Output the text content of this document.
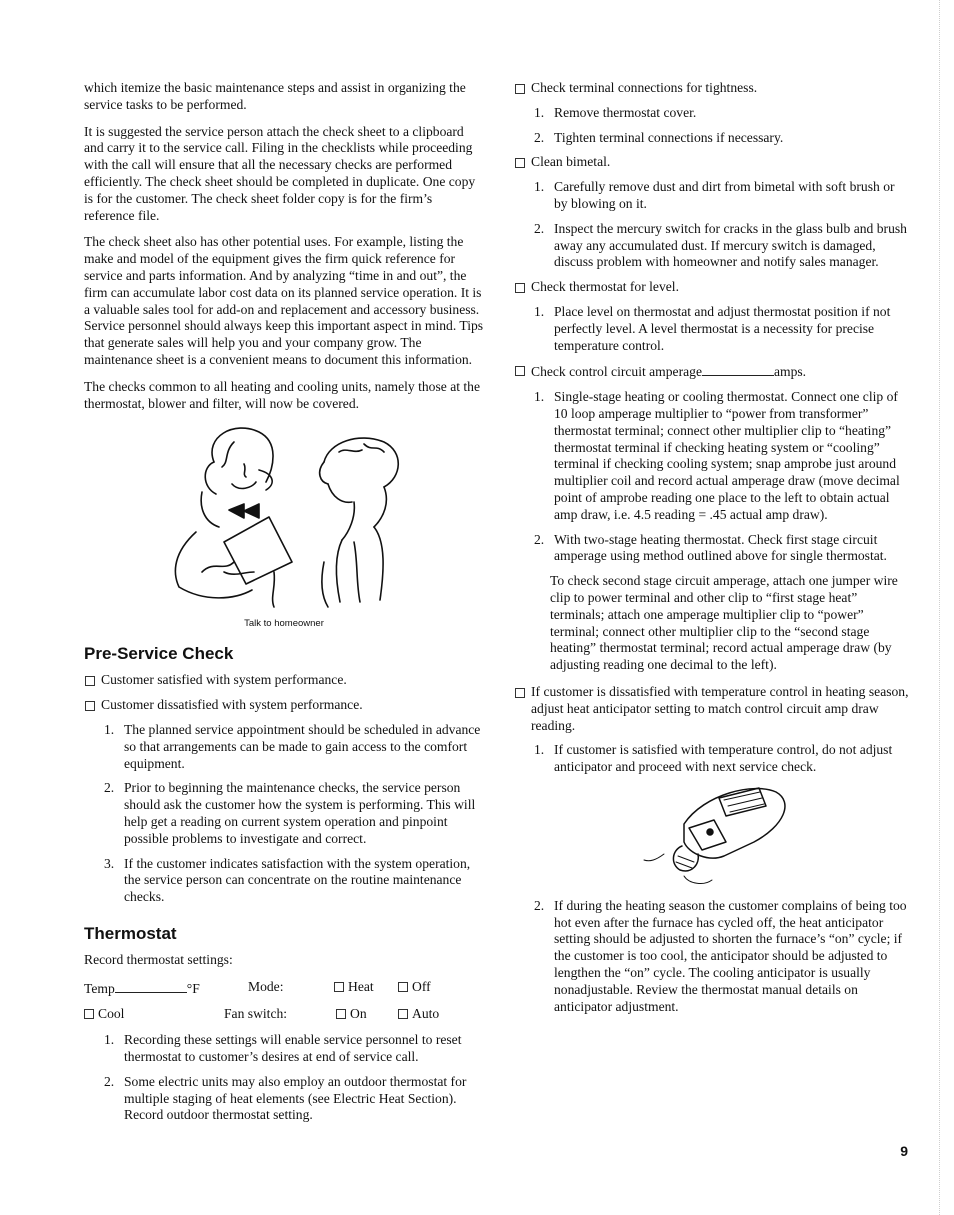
which itemize the basic maintenance steps and assist in organizing the service tasks to be performed.

It is suggested the service person attach the check sheet to a clipboard and carry it to the service call. Filing in the checklists while proceeding with the call will ensure that all the necessary checks are performed efficiently. The check sheet should be completed in duplicate. One copy is for the customer. The check sheet folder copy is for the firm’s reference file.

The check sheet also has other potential uses. For example, listing the make and model of the equipment gives the firm quick reference for service and parts information. And by analyzing “time in and out”, the firm can accumulate labor cost data on its planned service operation. It is a valuable sales tool for add-on and replacement and accessory business. Service personnel should always keep this important aspect in mind. Tips that generate sales will help you and your company grow. The maintenance sheet is a convenient means to document this information.

The checks common to all heating and cooling units, namely those at the thermostat, blower and filter, will now be covered.

Talk to homeowner
Pre-Service Check
Customer satisfied with system performance.
Customer dissatisfied with system performance.
1. The planned service appointment should be scheduled in advance so that arrangements can be made to gain access to the comfort equipment.
2. Prior to beginning the maintenance checks, the service person should ask the customer how the system is performing. This will help get a reading on current system operation and pinpoint possible problems to investigate and correct.
3. If the customer indicates satisfaction with the system operation, the service person can concentrate on the routine maintenance checks.
Thermostat

Record thermostat settings:

Temp	°F	Mode:	Heat	Off
Cool	Fan switch:	On	Auto
1. Recording these settings will enable service personnel to reset thermostat to customer’s desires at end of service call.
2. Some electric units may also employ an outdoor thermostat for multiple staging of heat elements (see Electric Heat Section). Record outdoor thermostat setting.
Check terminal connections for tightness.
1. Remove thermostat cover.
2. Tighten terminal connections if necessary.
Clean bimetal.
1. Carefully remove dust and dirt from bimetal with soft brush or by blowing on it.
2. Inspect the mercury switch for cracks in the glass bulb and brush away any accumulated dust. If mercury switch is damaged, discuss problem with homeowner and notify sales manager.
Check thermostat for level.
1. Place level on thermostat and adjust thermostat position if not perfectly level. A level thermostat is a necessity for precise temperature control.
Check control circuit amperage	amps.
1. Single-stage heating or cooling thermostat. Connect one clip of 10 loop amperage multiplier to “power from transformer” thermostat terminal; connect other multiplier clip to “heating” thermostat terminal if checking heating system or “cooling” terminal if checking cooling system; snap amprobe just around multiplier coil and record actual amperage draw (move decimal point of amprobe reading one place to the left to obtain actual amp draw, i.e. 4.5 reading = .45 actual amp draw).
2. With two-stage heating thermostat. Check first stage circuit amperage using method outlined above for single thermostat.

To check second stage circuit amperage, attach one jumper wire clip to power terminal and other clip to “first stage heat” terminals; attach one amperage multiplier clip to “power” terminal; connect other multiplier clip to the “second stage heating” thermostat terminal; record actual amperage draw (by adjusting reading one decimal to the left).

If customer is dissatisfied with temperature control in heating season, adjust heat anticipator setting to match control circuit amp draw reading.
1. If customer is satisfied with temperature control, do not adjust anticipator and proceed with next service check.
2. If during the heating season the customer complains of being too hot even after the furnace has cycled off, the heat anticipator setting should be adjusted to shorten the furnace’s “on” cycle; if the customer is too cool, the anticipator should be adjusted to lengthen the “on” cycle. The cooling anticipator is usually nonadjustable. Review the thermostat manual details on anticipator adjustment.
9
